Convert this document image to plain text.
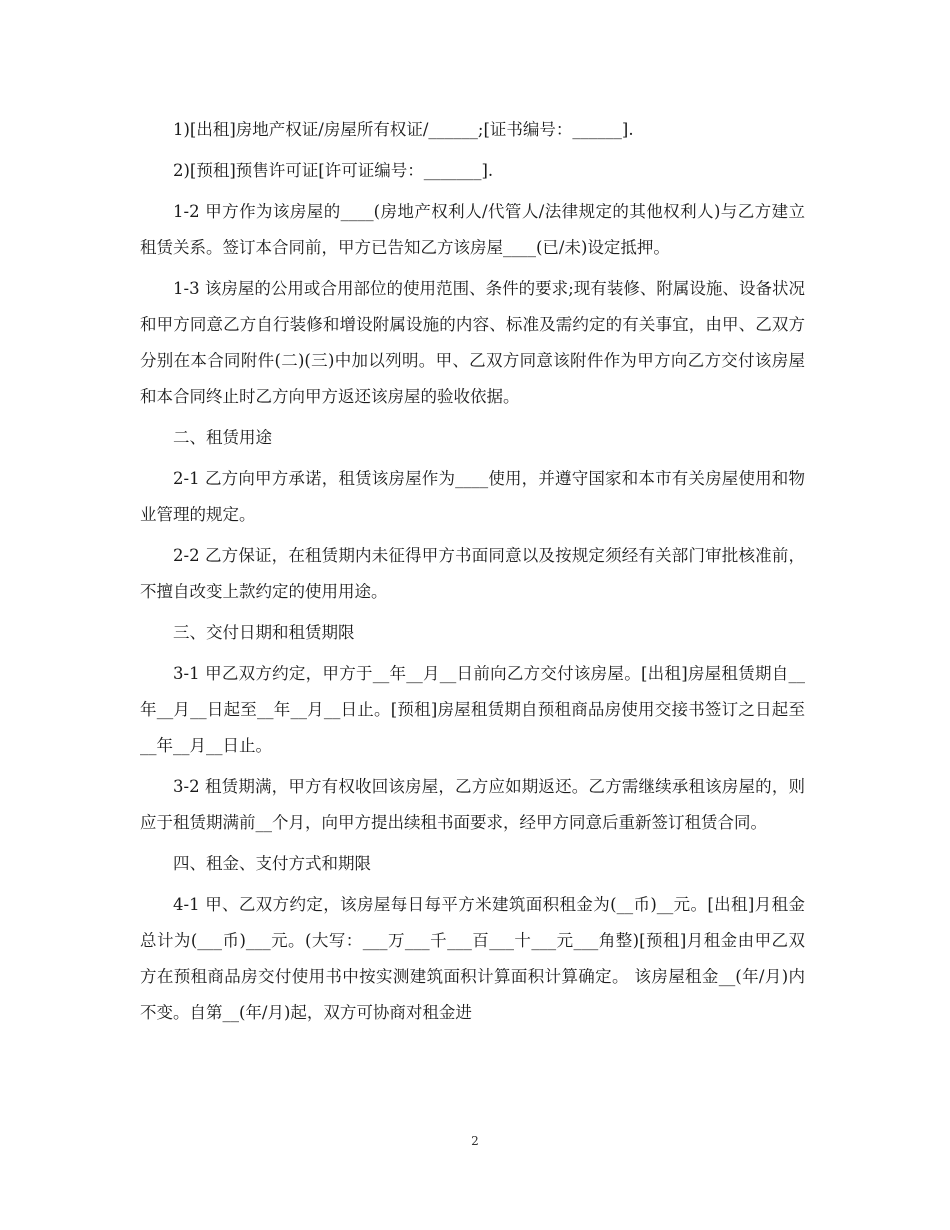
1)[出租]房地产权证/房屋所有权证/______;[证书编号：______].

2)[预租]预售许可证[许可证编号：_______].

1-2 甲方作为该房屋的____(房地产权利人/代管人/法律规定的其他权利人)与乙方建立租赁关系。签订本合同前，甲方已告知乙方该房屋____(已/未)设定抵押。

1-3 该房屋的公用或合用部位的使用范围、条件的要求;现有装修、附属设施、设备状况和甲方同意乙方自行装修和增设附属设施的内容、标准及需约定的有关事宜，由甲、乙双方分别在本合同附件(二)(三)中加以列明。甲、乙双方同意该附件作为甲方向乙方交付该房屋和本合同终止时乙方向甲方返还该房屋的验收依据。

二、租赁用途

2-1 乙方向甲方承诺，租赁该房屋作为____使用，并遵守国家和本市有关房屋使用和物业管理的规定。

2-2 乙方保证，在租赁期内未征得甲方书面同意以及按规定须经有关部门审批核准前，不擅自改变上款约定的使用用途。

三、交付日期和租赁期限

3-1 甲乙双方约定，甲方于__年__月__日前向乙方交付该房屋。[出租]房屋租赁期自__年__月__日起至__年__月__日止。[预租]房屋租赁期自预租商品房使用交接书签订之日起至__年__月__日止。

3-2 租赁期满，甲方有权收回该房屋，乙方应如期返还。乙方需继续承租该房屋的，则应于租赁期满前__个月，向甲方提出续租书面要求，经甲方同意后重新签订租赁合同。

四、租金、支付方式和期限

4-1 甲、乙双方约定，该房屋每日每平方米建筑面积租金为(__币)__元。[出租]月租金总计为(___币)___元。(大写：___万___千___百___十___元___角整)[预租]月租金由甲乙双方在预租商品房交付使用书中按实测建筑面积计算面积计算确定。 该房屋租金__(年/月)内不变。自第__(年/月)起，双方可协商对租金进

2
